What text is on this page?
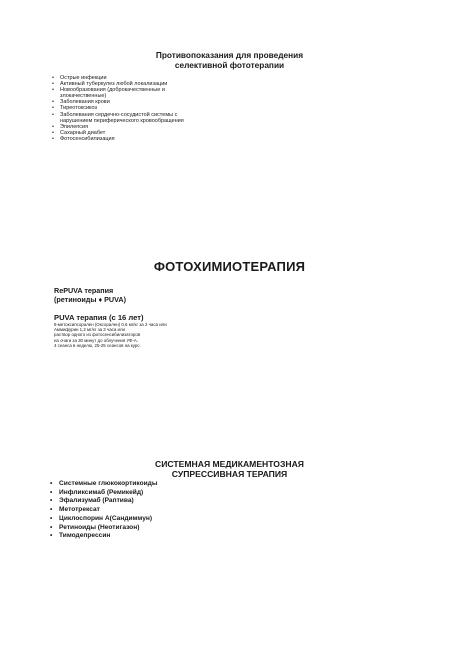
Противопоказания для проведения
селективной фототерапии
• Острые инфекции
• Активный туберкулез любой локализации
• Новообразования (доброкачественные и
злокачественные)
• Заболевания крови
• Тиреотоксикоз
• Заболевания сердечно-сосудистой системы с
нарушением периферического кровообращения
• Эпилепсия
• Сахарный диабет
• Фотосенсибилизация
ФОТОХИМИОТЕРАПИЯ
RePUVA терапия
(ретиноиды ♦ PUVA)
PUVA терапия (с 16 лет)
8-метоксипсорален (Оксорален) 0,6 мг/кг за 2 часа или
Аммифурин 1,2 мг/кг за 3 часа или
раствор одного из фотосенсибилизаторов
на очаги за 30 минут до облучения УФ-А.
4 сеанса в неделю, 25-25 сеансов на курс.
СИСТЕМНАЯ МЕДИКАМЕНТОЗНАЯ
СУПРЕССИВНАЯ ТЕРАПИЯ
• Системные глюкокортикоиды
• Инфликсимаб (Ремикейд)
• Эфализумаб (Раптива)
• Метотрексат
• Циклоспорин А(Сандиммун)
• Ретиноиды (Неотигазон)
• Тимодепрессин
